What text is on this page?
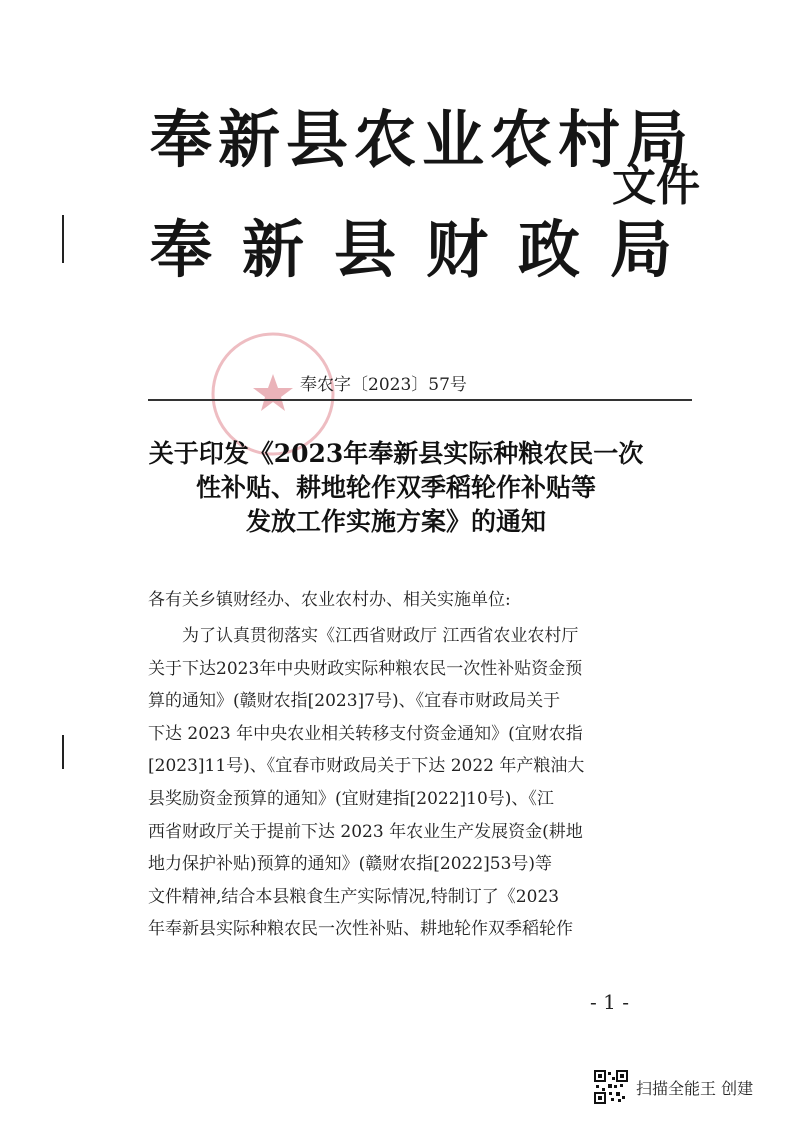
奉新县农业农村局
奉新县财政局
文件
奉农字〔2023〕57号
关于印发《2023年奉新县实际种粮农民一次
性补贴、耕地轮作双季稻轮作补贴等
发放工作实施方案》的通知
各有关乡镇财经办、农业农村办、相关实施单位:

为了认真贯彻落实《江西省财政厅 江西省农业农村厅
关于下达2023年中央财政实际种粮农民一次性补贴资金预
算的通知》(赣财农指[2023]7号)、《宜春市财政局关于
下达 2023 年中央农业相关转移支付资金通知》(宜财农指
[2023]11号)、《宜春市财政局关于下达 2022 年产粮油大
县奖励资金预算的通知》(宜财建指[2022]10号)、《江
西省财政厅关于提前下达 2023 年农业生产发展资金(耕地
地力保护补贴)预算的通知》(赣财农指[2022]53号)等
文件精神,结合本县粮食生产实际情况,特制订了《2023
年奉新县实际种粮农民一次性补贴、耕地轮作双季稻轮作

- 1 -
扫描全能王 创建
